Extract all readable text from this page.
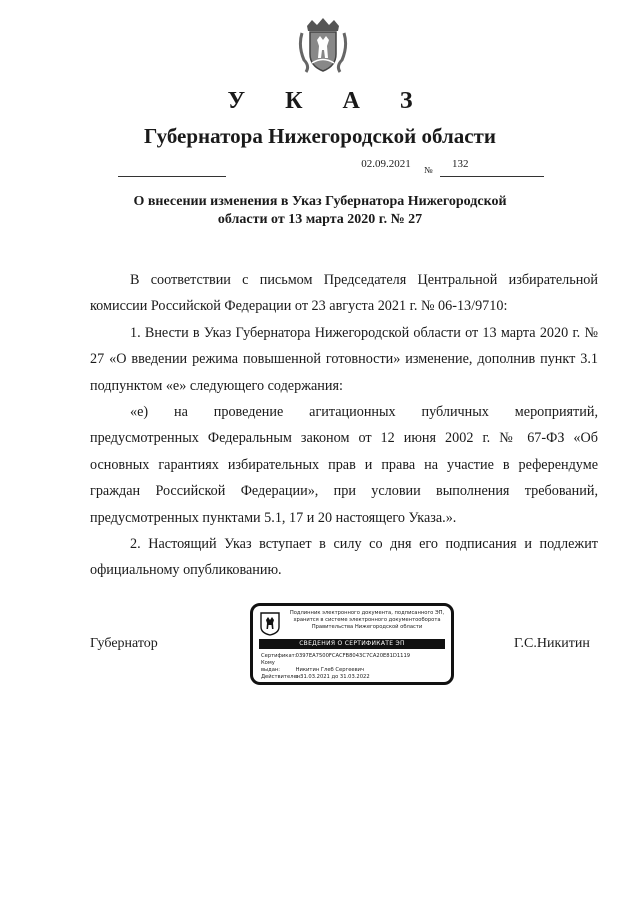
У К А З
Губернатора Нижегородской области
02.09.2021 №	132
О внесении изменения в Указ Губернатора Нижегородской
области от 13 марта 2020 г. № 27

В соответствии с письмом Председателя Центральной избирательной комиссии Российской Федерации от 23 августа 2021 г. № 06-13/9710:

1. Внести в Указ Губернатора Нижегородской области от 13 марта 2020 г. № 27 «О введении режима повышенной готовности» изменение, дополнив пункт 3.1 подпунктом «е» следующего содержания:

«е) на проведение агитационных публичных мероприятий, предусмотренных Федеральным законом от 12 июня 2002 г. № 67-ФЗ «Об основных гарантиях избирательных прав и права на участие в референдуме граждан Российской Федерации», при условии выполнения требований, предусмотренных пунктами 5.1, 17 и 20 настоящего Указа.».

2. Настоящий Указ вступает в силу со дня его подписания и подлежит официальному опубликованию.

Губернатор	Г.С.Никитин
Подлинник электронного документа, подписанного ЭП,
хранится в системе электронного документооборота
Правительства Нижегородской области
СВЕДЕНИЯ О СЕРТИФИКАТЕ ЭП
Сертификат: 0397EA7500FCACFB8043C7CA20E81D1119
Кому выдан:	Никитин Глеб Сергеевич
Действителен: с 31.03.2021 до 31.03.2022
